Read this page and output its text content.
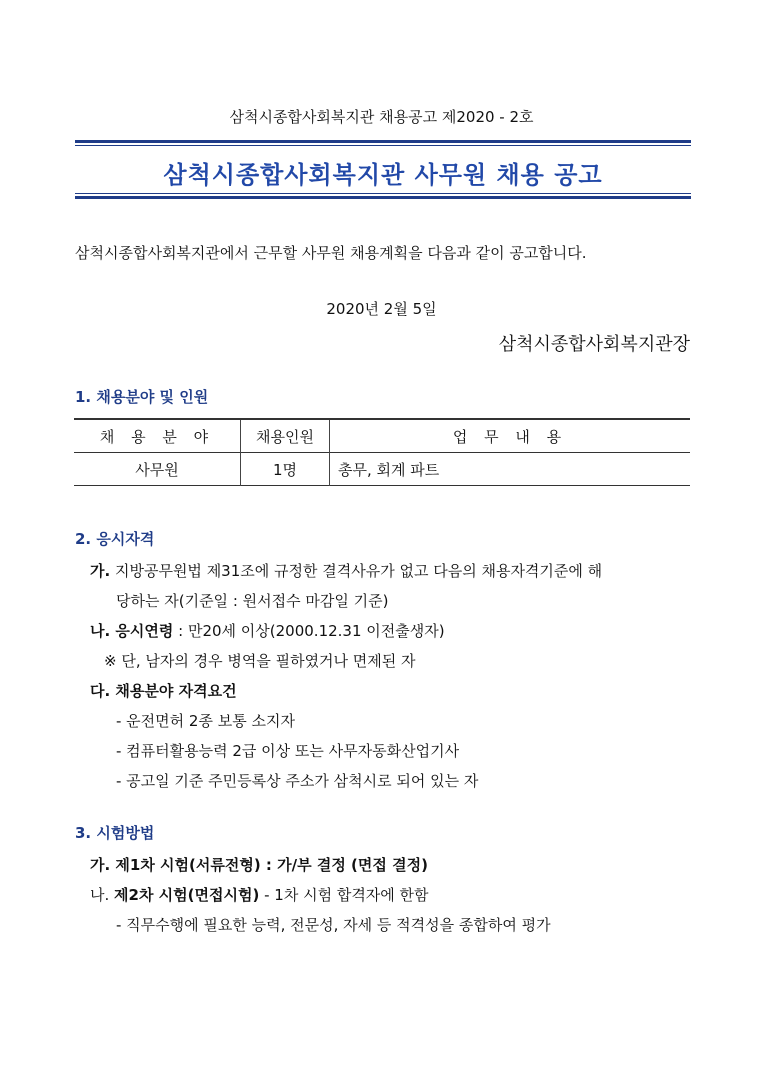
삼척시종합사회복지관 채용공고 제2020 - 2호
삼척시종합사회복지관 사무원 채용 공고
삼척시종합사회복지관에서 근무할 사무원 채용계획을 다음과 같이 공고합니다.
2020년 2월 5일
삼척시종합사회복지관장
1. 채용분야 및 인원
채 용 분 야	채용인원	업 무 내 용
사무원	1명	총무, 회계 파트
2. 응시자격
가. 지방공무원법 제31조에 규정한 결격사유가 없고 다음의 채용자격기준에 해
당하는 자(기준일 : 원서접수 마감일 기준)
나. 응시연령 : 만20세 이상(2000.12.31 이전출생자)
※ 단, 남자의 경우 병역을 필하였거나 면제된 자
다. 채용분야 자격요건
- 운전면허 2종 보통 소지자
- 컴퓨터활용능력 2급 이상 또는 사무자동화산업기사
- 공고일 기준 주민등록상 주소가 삼척시로 되어 있는 자
3. 시험방법
가. 제1차 시험(서류전형) : 가/부 결정 (면접 결정)
나. 제2차 시험(면접시험) - 1차 시험 합격자에 한함
- 직무수행에 필요한 능력, 전문성, 자세 등 적격성을 종합하여 평가
